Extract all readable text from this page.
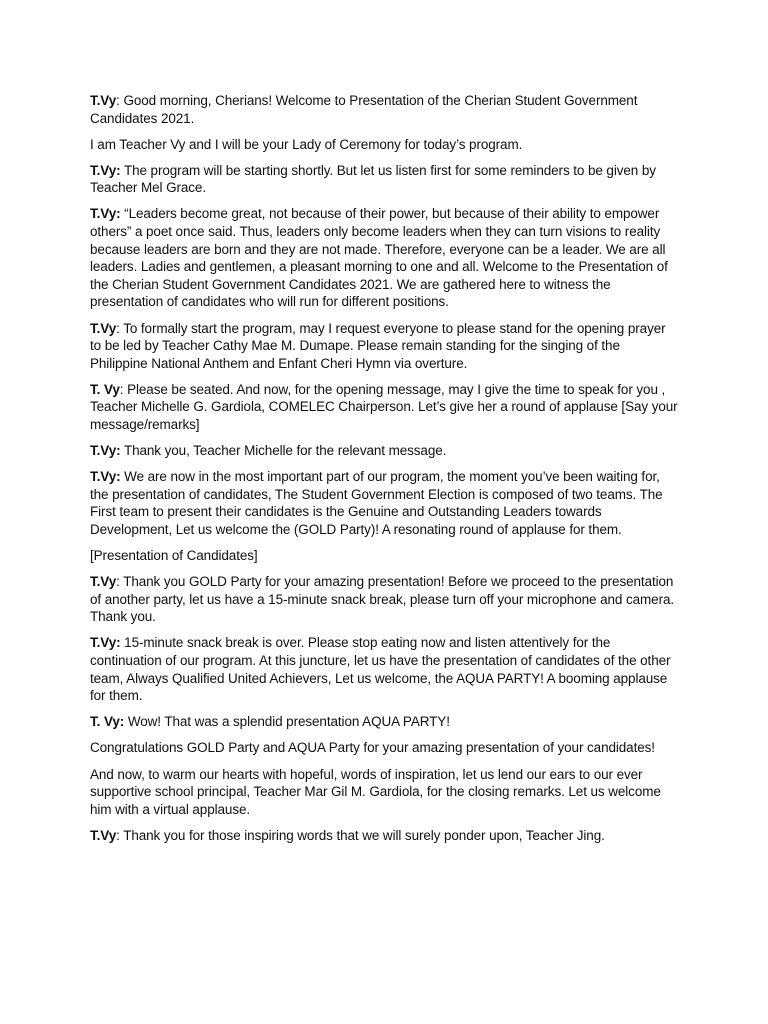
T.Vy: Good morning, Cherians! Welcome to Presentation of the Cherian Student Government Candidates 2021.

I am Teacher Vy and I will be your Lady of Ceremony for today’s program.

T.Vy: The program will be starting shortly. But let us listen first for some reminders to be given by Teacher Mel Grace.

T.Vy: “Leaders become great, not because of their power, but because of their ability to empower others” a poet once said. Thus, leaders only become leaders when they can turn visions to reality because leaders are born and they are not made. Therefore, everyone can be a leader. We are all leaders. Ladies and gentlemen, a pleasant morning to one and all. Welcome to the Presentation of the Cherian Student Government Candidates 2021. We are gathered here to witness the presentation of candidates who will run for different positions.

T.Vy: To formally start the program, may I request everyone to please stand for the opening prayer to be led by Teacher Cathy Mae M. Dumape. Please remain standing for the singing of the Philippine National Anthem and Enfant Cheri Hymn via overture.

T. Vy: Please be seated. And now, for the opening message, may I give the time to speak for you , Teacher Michelle G. Gardiola, COMELEC Chairperson. Let’s give her a round of applause [Say your message/remarks]

T.Vy: Thank you, Teacher Michelle for the relevant message.

T.Vy: We are now in the most important part of our program, the moment you’ve been waiting for, the presentation of candidates, The Student Government Election is composed of two teams. The First team to present their candidates is the Genuine and Outstanding Leaders towards Development, Let us welcome the (GOLD Party)! A resonating round of applause for them.

[Presentation of Candidates]

T.Vy: Thank you GOLD Party for your amazing presentation! Before we proceed to the presentation of another party, let us have a 15-minute snack break, please turn off your microphone and camera. Thank you.

T.Vy: 15-minute snack break is over. Please stop eating now and listen attentively for the continuation of our program. At this juncture, let us have the presentation of candidates of the other team, Always Qualified United Achievers, Let us welcome, the AQUA PARTY! A booming applause for them.

T. Vy: Wow! That was a splendid presentation AQUA PARTY!

Congratulations GOLD Party and AQUA Party for your amazing presentation of your candidates!

And now, to warm our hearts with hopeful, words of inspiration, let us lend our ears to our ever supportive school principal, Teacher Mar Gil M. Gardiola, for the closing remarks. Let us welcome him with a virtual applause.

T.Vy: Thank you for those inspiring words that we will surely ponder upon, Teacher Jing.
